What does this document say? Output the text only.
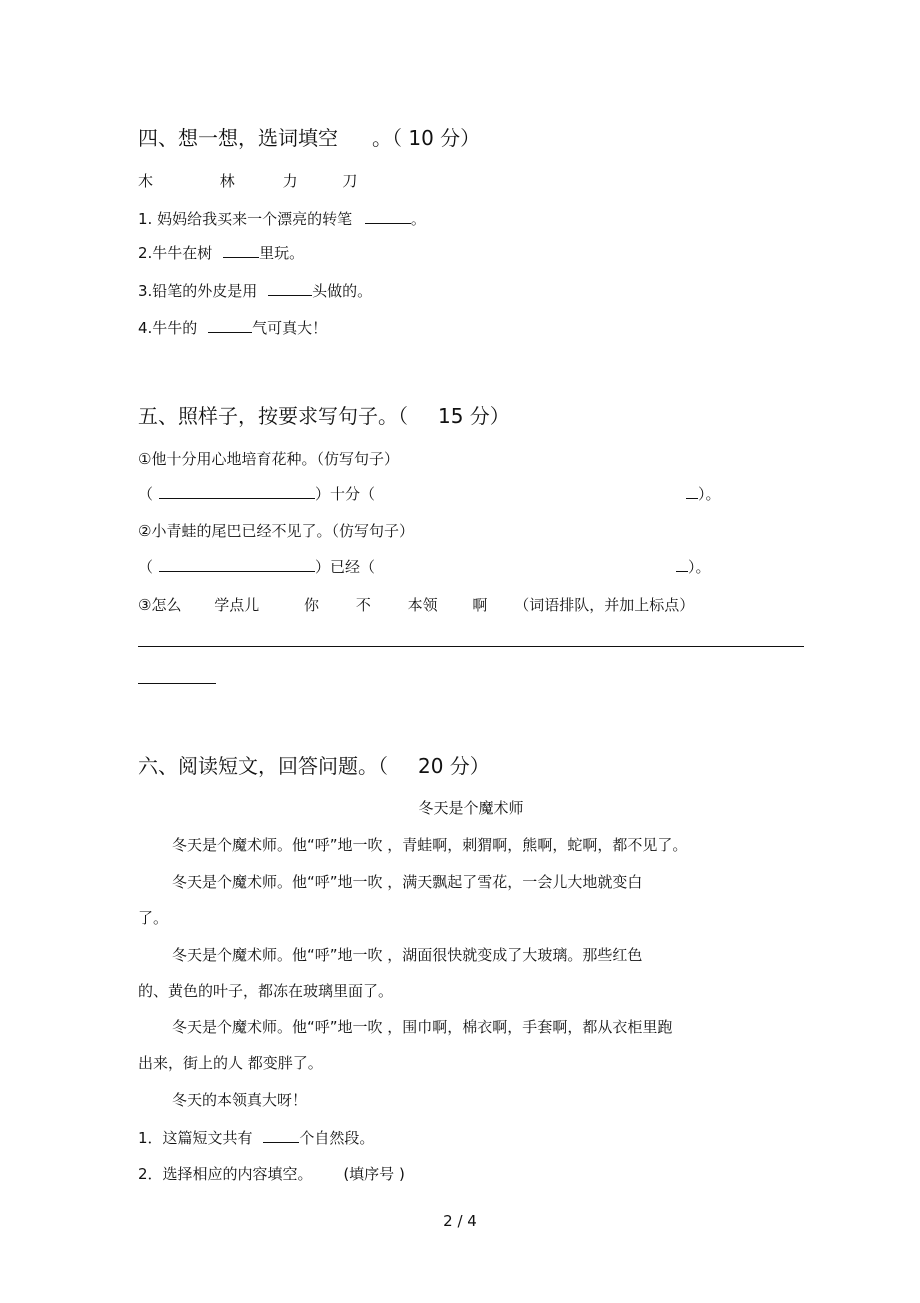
四、想一想，选词填空 。（ 10 分）
木	林	力	刀
1. 妈妈给我买来一个漂亮的转笔	。
2.牛牛在树	里玩。
3.铅笔的外皮是用	头做的。
4.牛牛的	气可真大！
五、照样子，按要求写句子。（ 15 分）
①他十分用心地培育花种。（仿写句子）
（	）十分（	）。
②小青蛙的尾巴已经不见了。（仿写句子）
（	）已经（	）。
③怎么 学点儿	你 不 本领 啊 （词语排队，并加上标点）
六、阅读短文，回答问题。（ 20 分）
冬天是个魔术师
冬天是个魔术师。他“呼”地一吹 ，青蛙啊，刺猬啊，熊啊，蛇啊，都不见了。
冬天是个魔术师。他“呼”地一吹 ，满天飘起了雪花，一会儿大地就变白
了。
冬天是个魔术师。他“呼”地一吹 ，湖面很快就变成了大玻璃。那些红色
的、黄色的叶子，都冻在玻璃里面了。
冬天是个魔术师。他“呼”地一吹 ，围巾啊，棉衣啊，手套啊，都从衣柜里跑
出来，街上的人 都变胖了。
冬天的本领真大呀！
1．这篇短文共有	个自然段。
2．选择相应的内容填空。 (填序号 )
2 / 4
